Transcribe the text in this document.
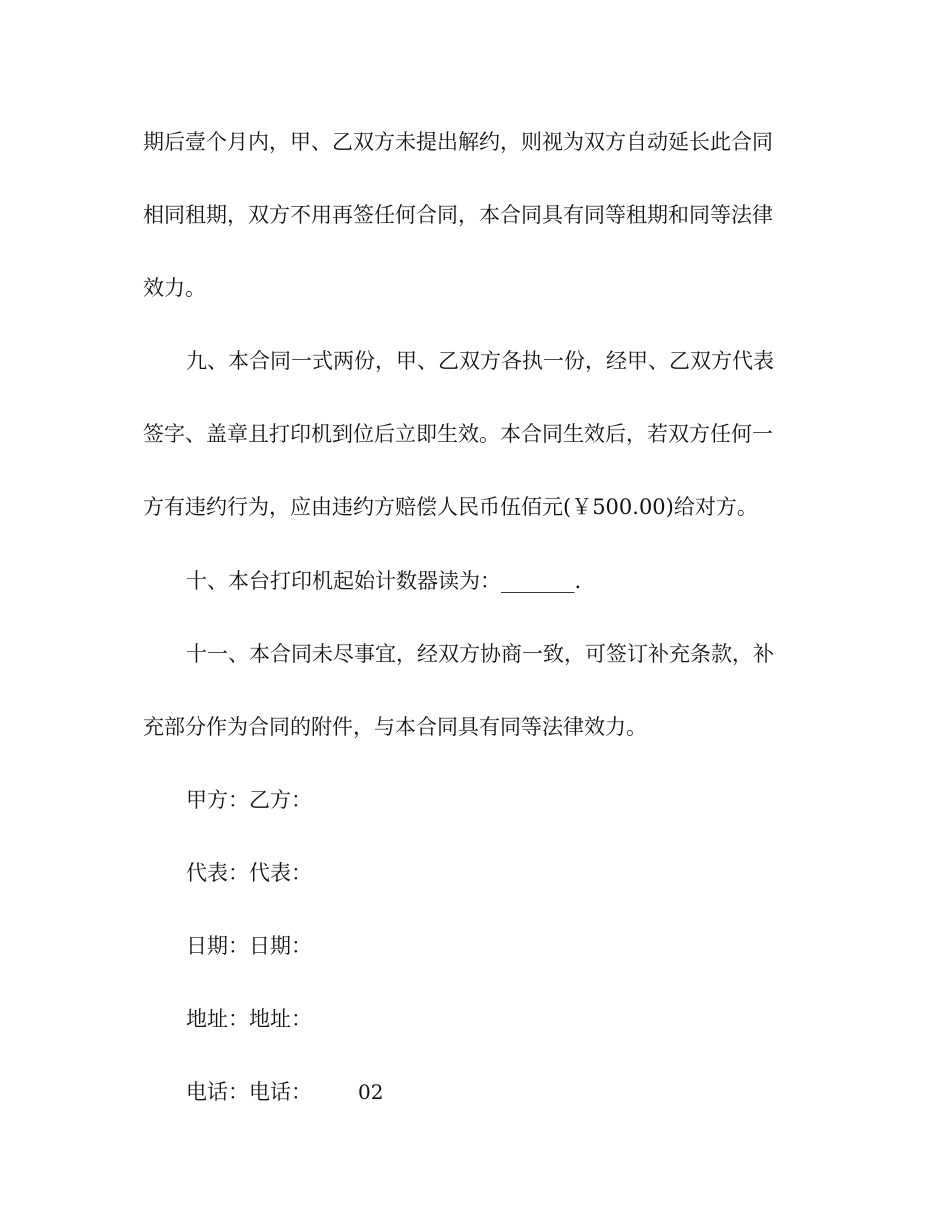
期后壹个月内，甲、乙双方未提出解约，则视为双方自动延长此合同

相同租期，双方不用再签任何合同，本合同具有同等租期和同等法律

效力。

九、本合同一式两份，甲、乙双方各执一份，经甲、乙双方代表

签字、盖章且打印机到位后立即生效。本合同生效后，若双方任何一

方有违约行为，应由违约方赔偿人民币伍佰元(￥500.00)给对方。

十、本台打印机起始计数器读为：_______.

十一、本合同未尽事宜，经双方协商一致，可签订补充条款，补

充部分作为合同的附件，与本合同具有同等法律效力。

甲方：乙方：

代表：代表：

日期：日期：

地址：地址：

电话：电话： 02
